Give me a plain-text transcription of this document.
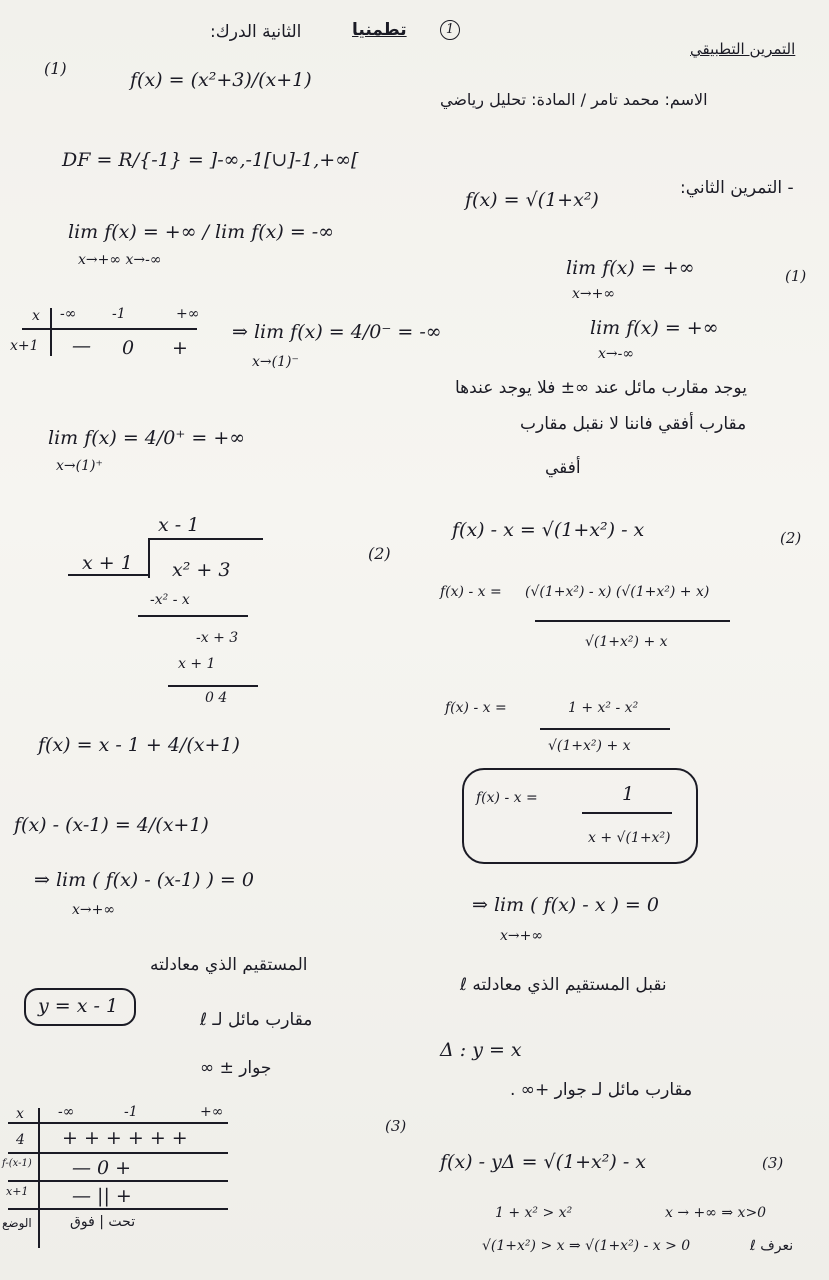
الثانية الدرك:	تطمنيا	1
التمرين التطبيقي
الاسم: محمد تامر / المادة: تحليل رياضي
(1)
f(x) = (x²+3)/(x+1)
DF = R/{-1} = ]-∞,-1[∪]-1,+∞[
lim f(x) = +∞ / lim f(x) = -∞
x→+∞ x→-∞
x -∞	-1	+∞
x+1 — 0 +
⇒ lim f(x) = 4/0⁻ = -∞
x→(1)⁻
lim f(x) = 4/0⁺ = +∞
x→(1)⁺
(2)
x - 1
x + 1 x² + 3
-x² - x
-x + 3
x + 1
0 4
f(x) = x - 1 + 4/(x+1)
f(x) - (x-1) = 4/(x+1)
⇒ lim ( f(x) - (x-1) ) = 0
x→+∞
المستقيم الذي معادلته
y = x - 1
مقارب مائل لـ ℓ
جوار ± ∞
(3)
x -∞	-1	+∞
4 + + + + + +
f-(x-1) — 0 +
x+1 — || +
الوضع	تحت | فوق
- التمرين الثاني:
f(x) = √(1+x²)
(1)
lim f(x) = +∞
x→+∞
lim f(x) = +∞
x→-∞
يوجد مقارب مائل عند ∞± فلا يوجد عندها
مقارب أفقي فاننا لا نقبل مقارب
أفقي
(2)
f(x) - x = √(1+x²) - x
f(x) - x = (√(1+x²) - x) (√(1+x²) + x)
√(1+x²) + x
f(x) - x =	1 + x² - x²
√(1+x²) + x
f(x) - x =	1
x + √(1+x²)
⇒ lim ( f(x) - x ) = 0
x→+∞
نقبل المستقيم الذي معادلته ℓ
Δ : y = x
مقارب مائل لـ جوار +∞ .
(3)
f(x) - yΔ = √(1+x²) - x
1 + x² > x²	x → +∞ ⇒ x>0
√(1+x²) > x ⇒ √(1+x²) - x > 0	نعرف ℓ
